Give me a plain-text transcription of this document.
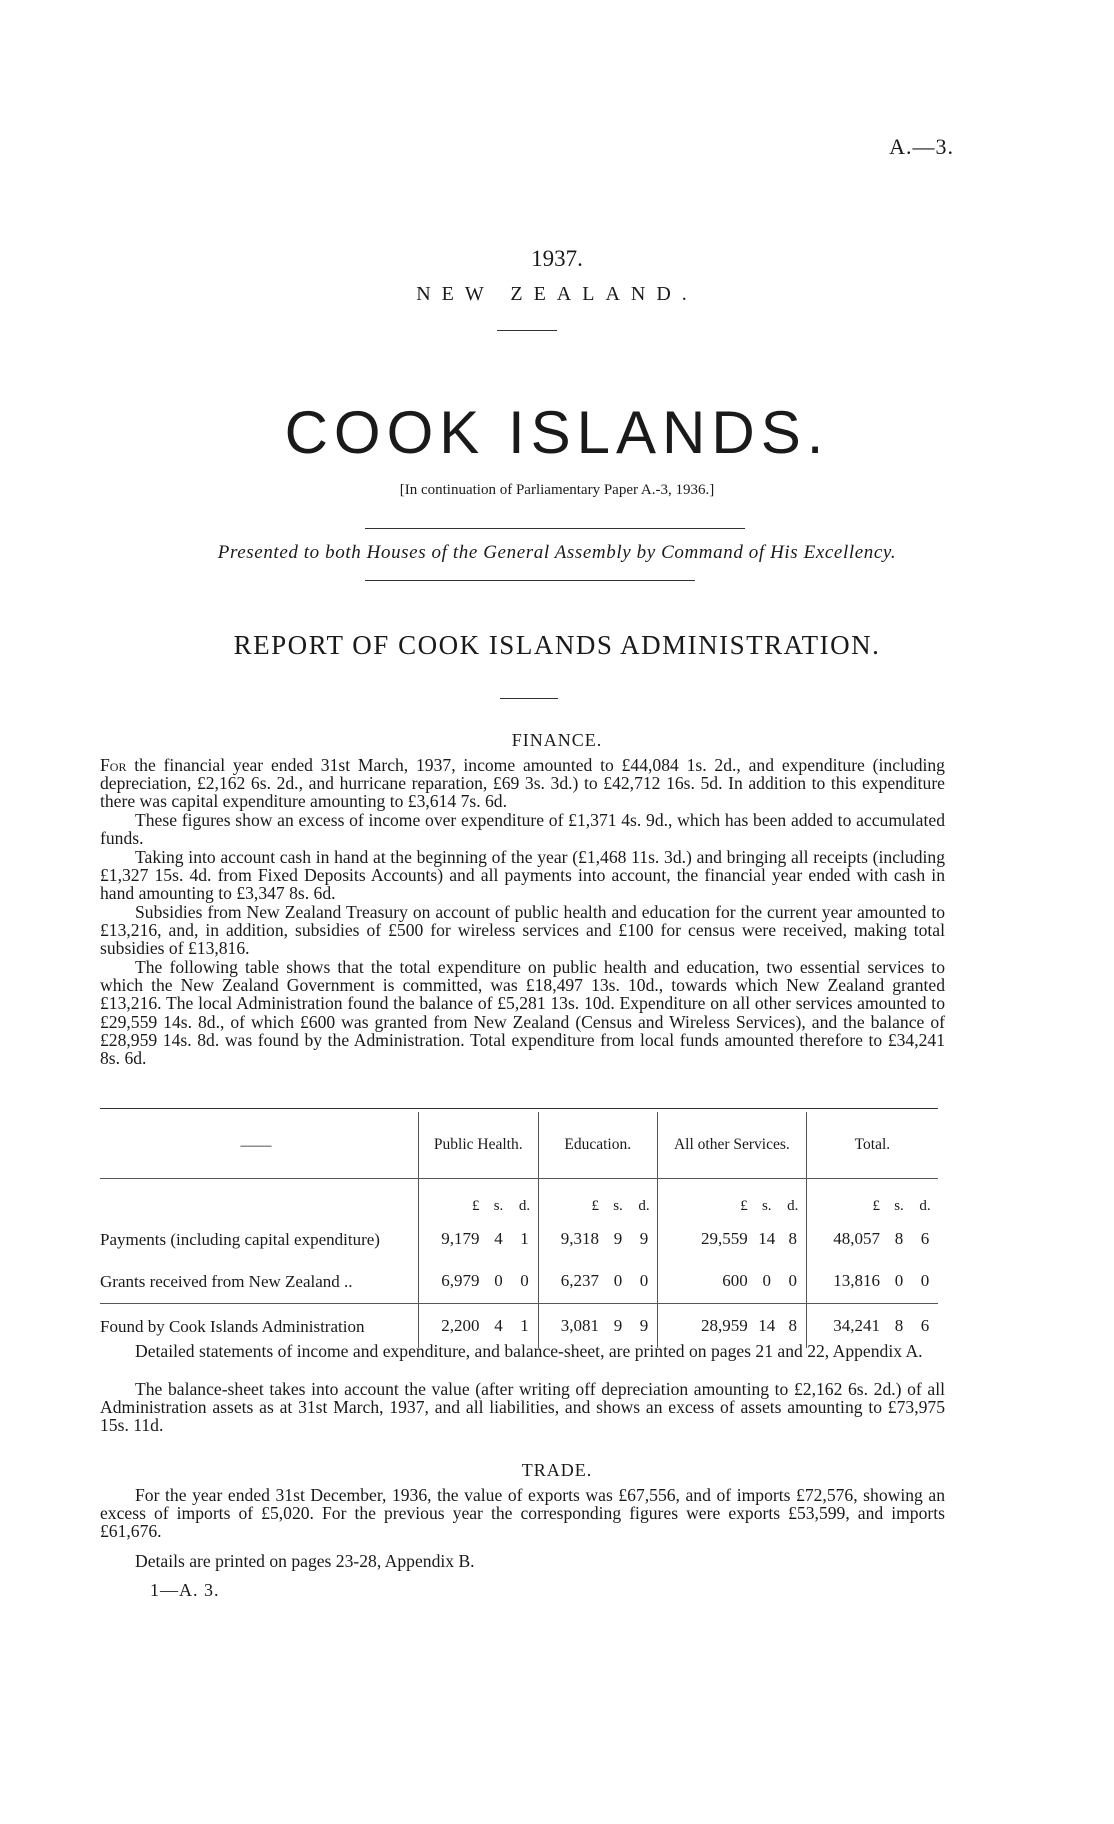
A.—3.
1937.
NEW ZEALAND.
COOK ISLANDS.
[In continuation of Parliamentary Paper A.-3, 1936.]
Presented to both Houses of the General Assembly by Command of His Excellency.
REPORT OF COOK ISLANDS ADMINISTRATION.
FINANCE.

For the financial year ended 31st March, 1937, income amounted to £44,084 1s. 2d., and expenditure (including depreciation, £2,162 6s. 2d., and hurricane reparation, £69 3s. 3d.) to £42,712 16s. 5d. In addition to this expenditure there was capital expenditure amounting to £3,614 7s. 6d.

These figures show an excess of income over expenditure of £1,371 4s. 9d., which has been added to accumulated funds.

Taking into account cash in hand at the beginning of the year (£1,468 11s. 3d.) and bringing all receipts (including £1,327 15s. 4d. from Fixed Deposits Accounts) and all payments into account, the financial year ended with cash in hand amounting to £3,347 8s. 6d.

Subsidies from New Zealand Treasury on account of public health and education for the current year amounted to £13,216, and, in addition, subsidies of £500 for wireless services and £100 for census were received, making total subsidies of £13,816.

The following table shows that the total expenditure on public health and education, two essential services to which the New Zealand Government is committed, was £18,497 13s. 10d., towards which New Zealand granted £13,216. The local Administration found the balance of £5,281 13s. 10d. Expenditure on all other services amounted to £29,559 14s. 8d., of which £600 was granted from New Zealand (Census and Wireless Services), and the balance of £28,959 14s. 8d. was found by the Administration. Total expenditure from local funds amounted therefore to £34,241 8s. 6d.

——	Public Health.			Education.			All other Services.			Total.		
	£	s.	d.	£	s.	d.	£	s.	d.	£	s.	d.
Payments (including capital expenditure)	9,179	4	1	9,318	9	9	29,559	14	8	48,057	8	6
Grants received from New Zealand ..	6,979	0	0	6,237	0	0	600	0	0	13,816	0	0
Found by Cook Islands Administration	2,200	4	1	3,081	9	9	28,959	14	8	34,241	8	6

Detailed statements of income and expenditure, and balance-sheet, are printed on pages 21 and 22, Appendix A.

The balance-sheet takes into account the value (after writing off depreciation amounting to £2,162 6s. 2d.) of all Administration assets as at 31st March, 1937, and all liabilities, and shows an excess of assets amounting to £73,975 15s. 11d.

TRADE.

For the year ended 31st December, 1936, the value of exports was £67,556, and of imports £72,576, showing an excess of imports of £5,020. For the previous year the corresponding figures were exports £53,599, and imports £61,676.

Details are printed on pages 23-28, Appendix B.

1—A. 3.
